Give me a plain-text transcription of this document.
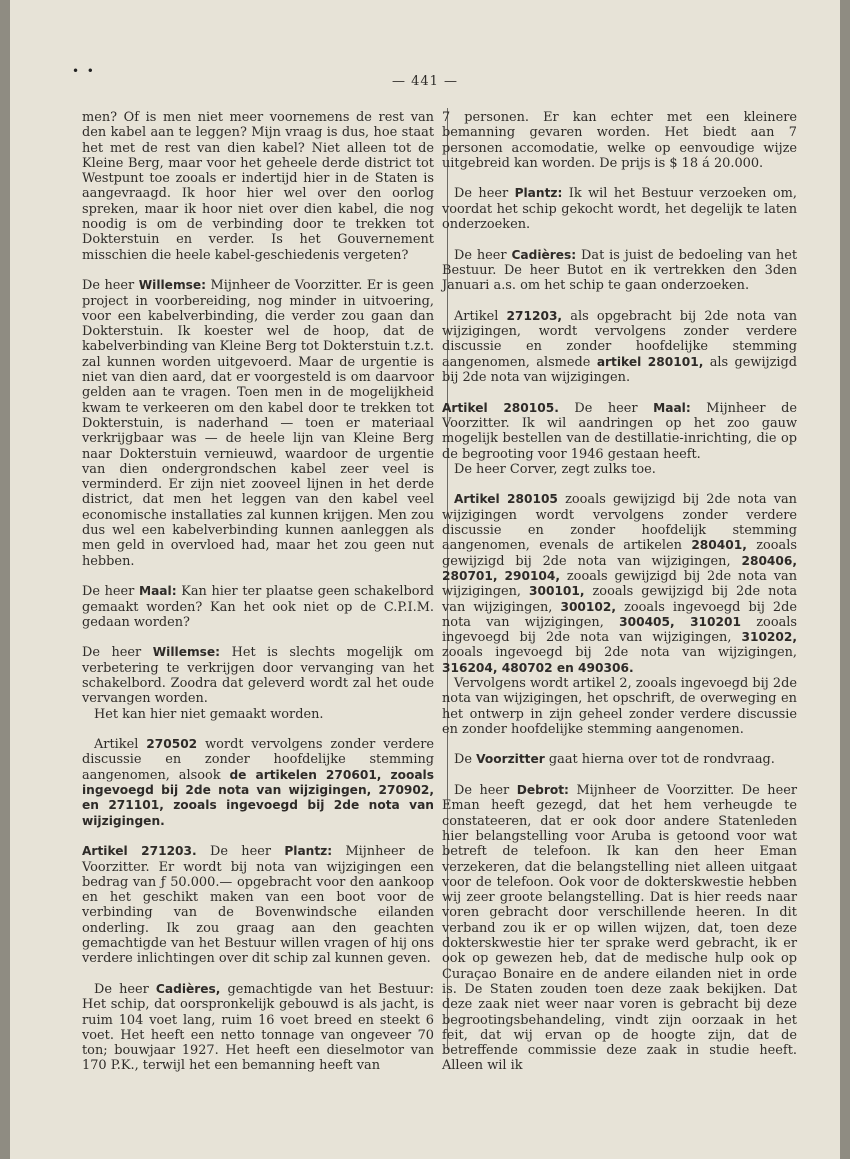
•  •
— 441 —

men? Of is men niet meer voornemens de rest van den kabel aan te leggen? Mijn vraag is dus, hoe staat het met de rest van dien kabel? Niet alleen tot de Kleine Berg, maar voor het geheele derde district tot Westpunt toe zooals er indertijd hier in de Staten is aangevraagd. Ik hoor hier wel over den oorlog spreken, maar ik hoor niet over dien kabel, die nog noodig is om de verbinding door te trekken tot Dokterstuin en verder. Is het Gouvernement misschien die heele kabel-geschiedenis vergeten?

De heer Willemse: Mijnheer de Voorzitter. Er is geen project in voorbereiding, nog minder in uitvoering, voor een kabelverbinding, die verder zou gaan dan Dokterstuin. Ik koester wel de hoop, dat de kabelverbinding van Kleine Berg tot Dokterstuin t.z.t. zal kunnen worden uitgevoerd. Maar de urgentie is niet van dien aard, dat er voorgesteld is om daarvoor gelden aan te vragen. Toen men in de mogelijkheid kwam te verkeeren om den kabel door te trekken tot Dokterstuin, is naderhand — toen er materiaal verkrijgbaar was — de heele lijn van Kleine Berg naar Dokterstuin vernieuwd, waardoor de urgentie van dien ondergrondschen kabel zeer veel is verminderd. Er zijn niet zooveel lijnen in het derde district, dat men het leggen van den kabel veel economische installaties zal kunnen krijgen. Men zou dus wel een kabelverbinding kunnen aanleggen als men geld in overvloed had, maar het zou geen nut hebben.

De heer Maal: Kan hier ter plaatse geen schakelbord gemaakt worden? Kan het ook niet op de C.P.I.M. gedaan worden?

De heer Willemse: Het is slechts mogelijk om verbetering te verkrijgen door vervanging van het schakelbord. Zoodra dat geleverd wordt zal het oude vervangen worden.

Het kan hier niet gemaakt worden.

Artikel 270502 wordt vervolgens zonder verdere discussie en zonder hoofdelijke stemming aangenomen, alsook de artikelen 270601, zooals ingevoegd bij 2de nota van wijzigingen, 270902, en 271101, zooals ingevoegd bij 2de nota van wijzigingen.

Artikel 271203. De heer Plantz: Mijnheer de Voorzitter. Er wordt bij nota van wijzigingen een bedrag van ƒ 50.000.— opgebracht voor den aankoop en het geschikt maken van een boot voor de verbinding van de Bovenwindsche eilanden onderling. Ik zou graag aan den geachten gemachtigde van het Bestuur willen vragen of hij ons verdere inlichtingen over dit schip zal kunnen geven.

De heer Cadières, gemachtigde van het Bestuur: Het schip, dat oorspronkelijk gebouwd is als jacht, is ruim 104 voet lang, ruim 16 voet breed en steekt 6 voet. Het heeft een netto tonnage van ongeveer 70 ton; bouwjaar 1927. Het heeft een dieselmotor van 170 P.K., terwijl het een bemanning heeft van

7 personen. Er kan echter met een kleinere bemanning gevaren worden. Het biedt aan 7 personen accomodatie, welke op eenvoudige wijze uitgebreid kan worden. De prijs is $ 18 á 20.000.

De heer Plantz: Ik wil het Bestuur verzoeken om, voordat het schip gekocht wordt, het degelijk te laten onderzoeken.

De heer Cadières: Dat is juist de bedoeling van het Bestuur. De heer Butot en ik vertrekken den 3den Januari a.s. om het schip te gaan onderzoeken.

Artikel 271203, als opgebracht bij 2de nota van wijzigingen, wordt vervolgens zonder verdere discussie en zonder hoofdelijke stemming aangenomen, alsmede artikel 280101, als gewijzigd bij 2de nota van wijzigingen.

Artikel 280105. De heer Maal: Mijnheer de Voorzitter. Ik wil aandringen op het zoo gauw mogelijk bestellen van de destillatie-inrichting, die op de begrooting voor 1946 gestaan heeft.

De heer Corver, zegt zulks toe.

Artikel 280105 zooals gewijzigd bij 2de nota van wijzigingen wordt vervolgens zonder verdere discussie en zonder hoofdelijk stemming aangenomen, evenals de artikelen 280401, zooals gewijzigd bij 2de nota van wijzigingen, 280406, 280701, 290104, zooals gewijzigd bij 2de nota van wijzigingen, 300101, zooals gewijzigd bij 2de nota van wijzigingen, 300102, zooals ingevoegd bij 2de nota van wijzigingen, 300405, 310201 zooals ingevoegd bij 2de nota van wijzigingen, 310202, zooals ingevoegd bij 2de nota van wijzigingen, 316204, 480702 en 490306.

Vervolgens wordt artikel 2, zooals ingevoegd bij 2de nota van wijzigingen, het opschrift, de overweging en het ontwerp in zijn geheel zonder verdere discussie en zonder hoofdelijke stemming aangenomen.

De Voorzitter gaat hierna over tot de rondvraag.

De heer Debrot: Mijnheer de Voorzitter. De heer Eman heeft gezegd, dat het hem verheugde te constateeren, dat er ook door andere Statenleden hier belangstelling voor Aruba is getoond voor wat betreft de telefoon. Ik kan den heer Eman verzekeren, dat die belangstelling niet alleen uitgaat voor de telefoon. Ook voor de dokterskwestie hebben wij zeer groote belangstelling. Dat is hier reeds naar voren gebracht door verschillende heeren. In dit verband zou ik er op willen wijzen, dat, toen deze dokterskwestie hier ter sprake werd gebracht, ik er ook op gewezen heb, dat de medische hulp ook op Curaçao Bonaire en de andere eilanden niet in orde is. De Staten zouden toen deze zaak bekijken. Dat deze zaak niet weer naar voren is gebracht bij deze begrootingsbehandeling, vindt zijn oorzaak in het feit, dat wij ervan op de hoogte zijn, dat de betreffende commissie deze zaak in studie heeft. Alleen wil ik
